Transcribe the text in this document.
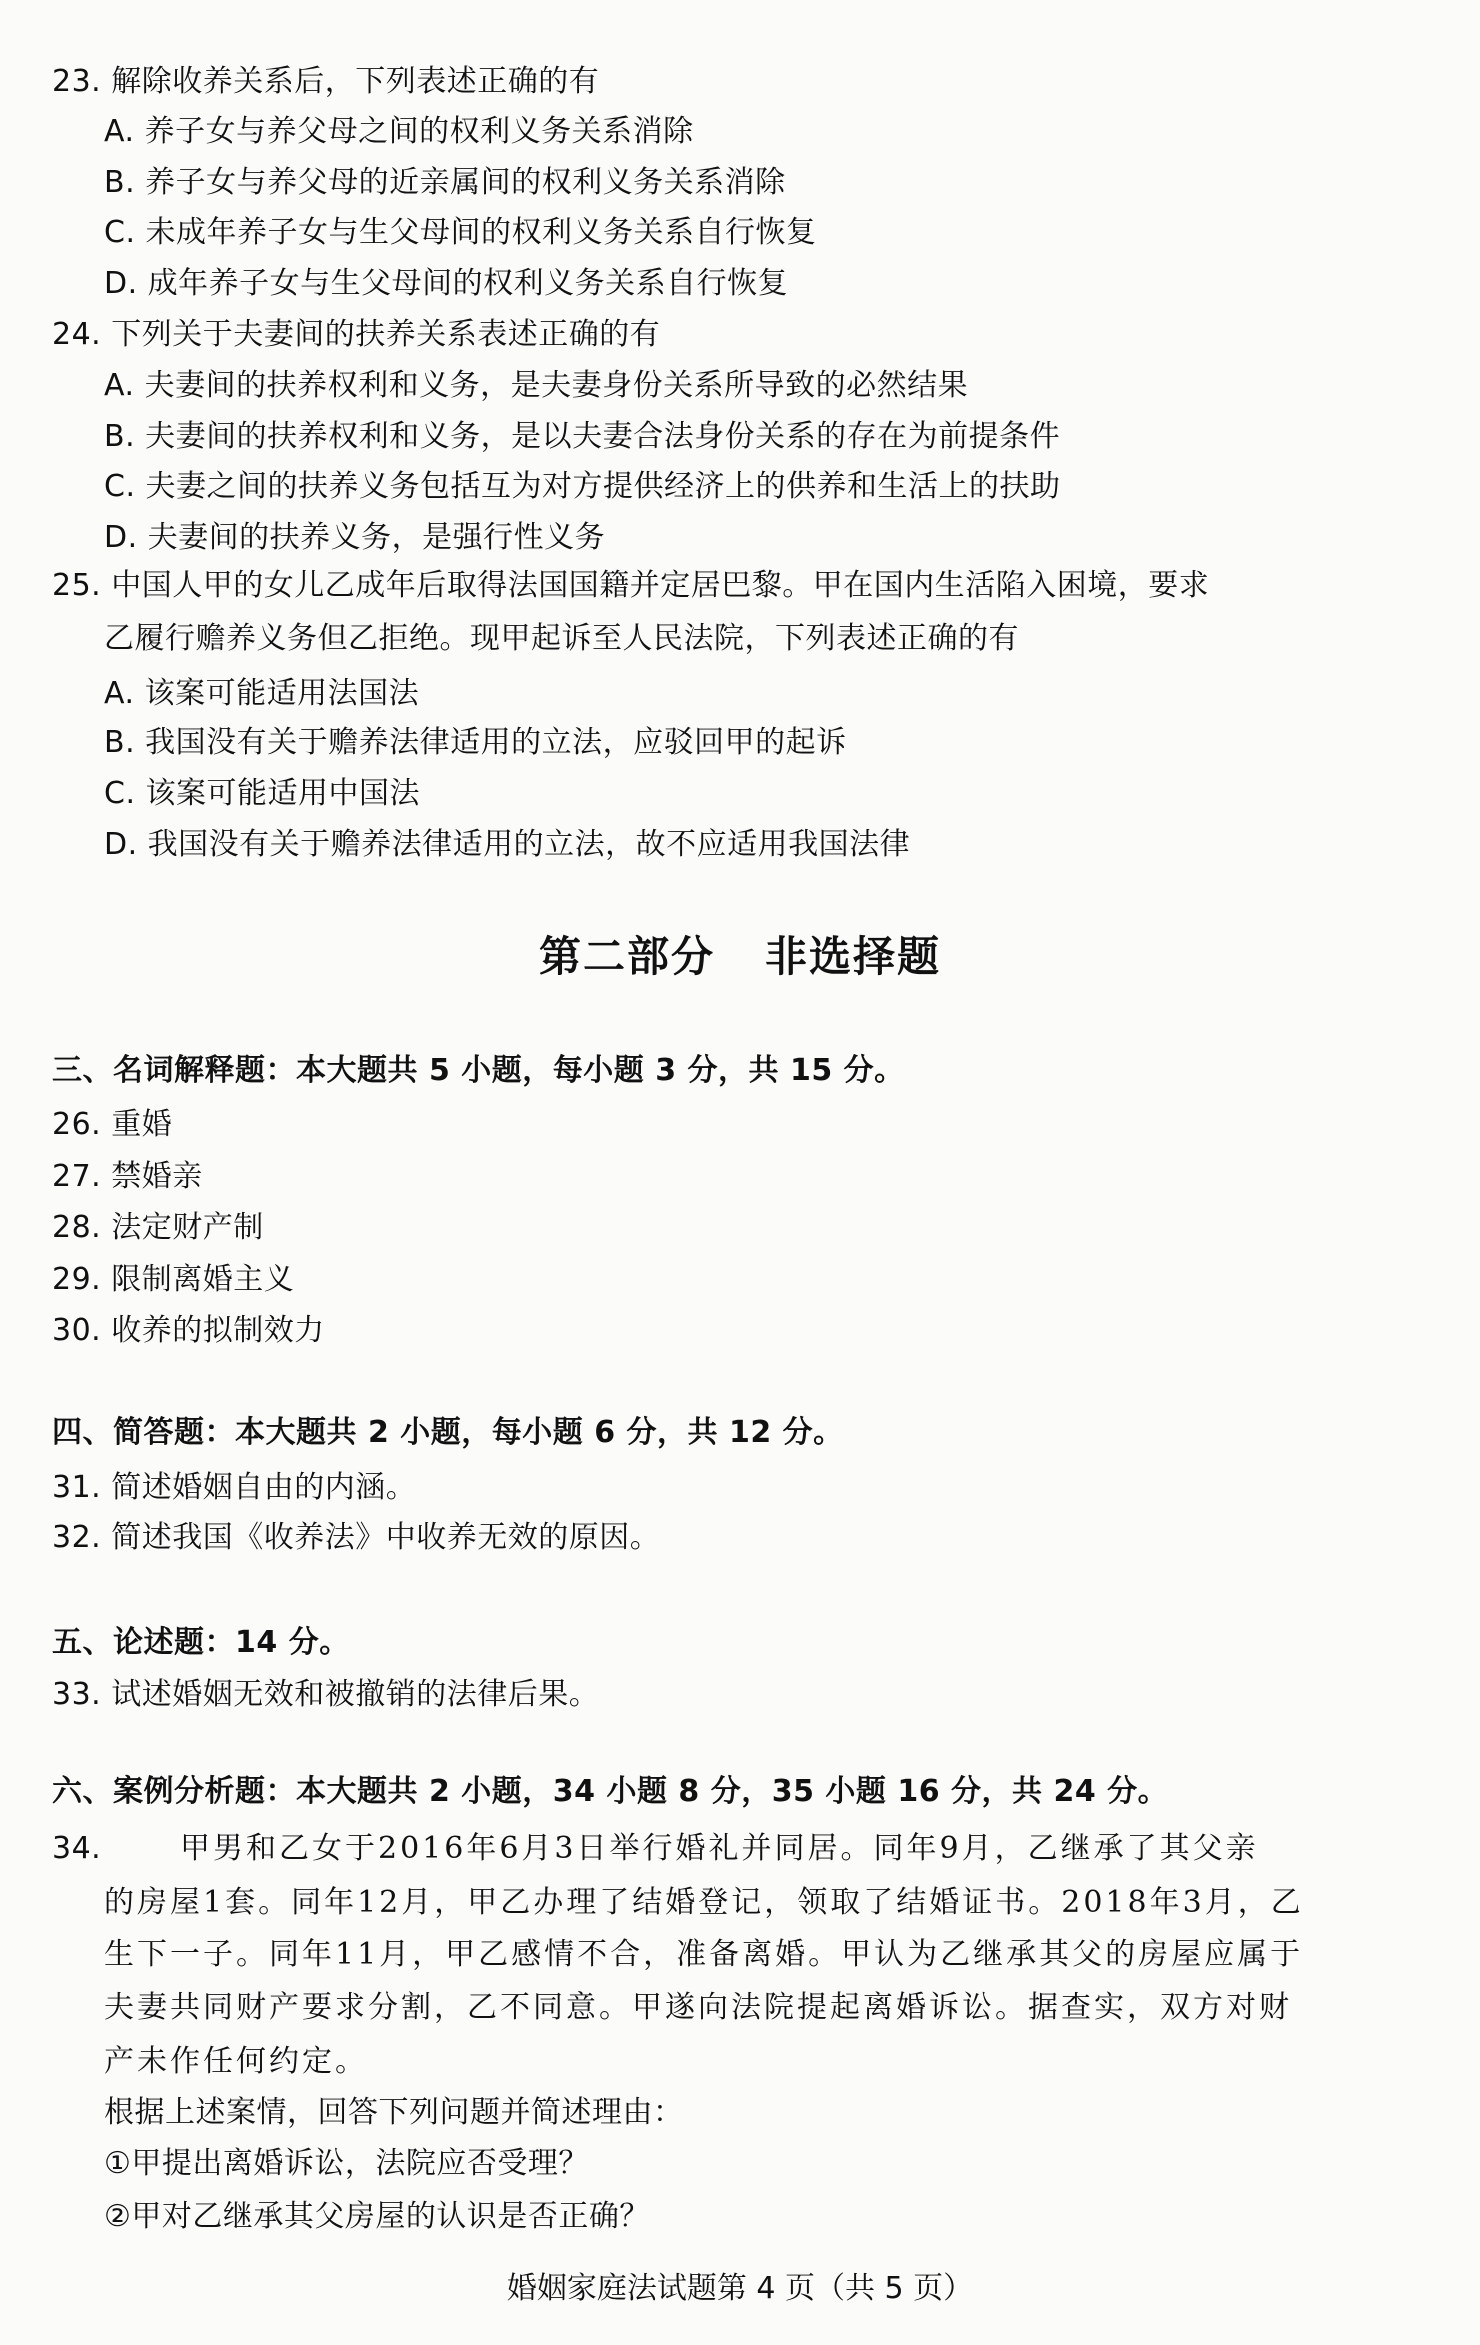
23. 解除收养关系后，下列表述正确的有
A. 养子女与养父母之间的权利义务关系消除
B. 养子女与养父母的近亲属间的权利义务关系消除
C. 未成年养子女与生父母间的权利义务关系自行恢复
D. 成年养子女与生父母间的权利义务关系自行恢复
24. 下列关于夫妻间的扶养关系表述正确的有
A. 夫妻间的扶养权利和义务，是夫妻身份关系所导致的必然结果
B. 夫妻间的扶养权利和义务，是以夫妻合法身份关系的存在为前提条件
C. 夫妻之间的扶养义务包括互为对方提供经济上的供养和生活上的扶助
D. 夫妻间的扶养义务，是强行性义务
25. 中国人甲的女儿乙成年后取得法国国籍并定居巴黎。甲在国内生活陷入困境，要求
乙履行赡养义务但乙拒绝。现甲起诉至人民法院，下列表述正确的有
A. 该案可能适用法国法
B. 我国没有关于赡养法律适用的立法，应驳回甲的起诉
C. 该案可能适用中国法
D. 我国没有关于赡养法律适用的立法，故不应适用我国法律
第二部分 非选择题
三、名词解释题：本大题共 5 小题，每小题 3 分，共 15 分。
26. 重婚
27. 禁婚亲
28. 法定财产制
29. 限制离婚主义
30. 收养的拟制效力
四、简答题：本大题共 2 小题，每小题 6 分，共 12 分。
31. 简述婚姻自由的内涵。
32. 简述我国《收养法》中收养无效的原因。
五、论述题：14 分。
33. 试述婚姻无效和被撤销的法律后果。
六、案例分析题：本大题共 2 小题，34 小题 8 分，35 小题 16 分，共 24 分。
34.	甲男和乙女于2016年6月3日举行婚礼并同居。同年9月，乙继承了其父亲
的房屋1套。同年12月，甲乙办理了结婚登记，领取了结婚证书。2018年3月，乙
生下一子。同年11月，甲乙感情不合，准备离婚。甲认为乙继承其父的房屋应属于
夫妻共同财产要求分割，乙不同意。甲遂向法院提起离婚诉讼。据查实，双方对财
产未作任何约定。
根据上述案情，回答下列问题并简述理由：
①甲提出离婚诉讼，法院应否受理？
②甲对乙继承其父房屋的认识是否正确？
婚姻家庭法试题第 4 页（共 5 页）
